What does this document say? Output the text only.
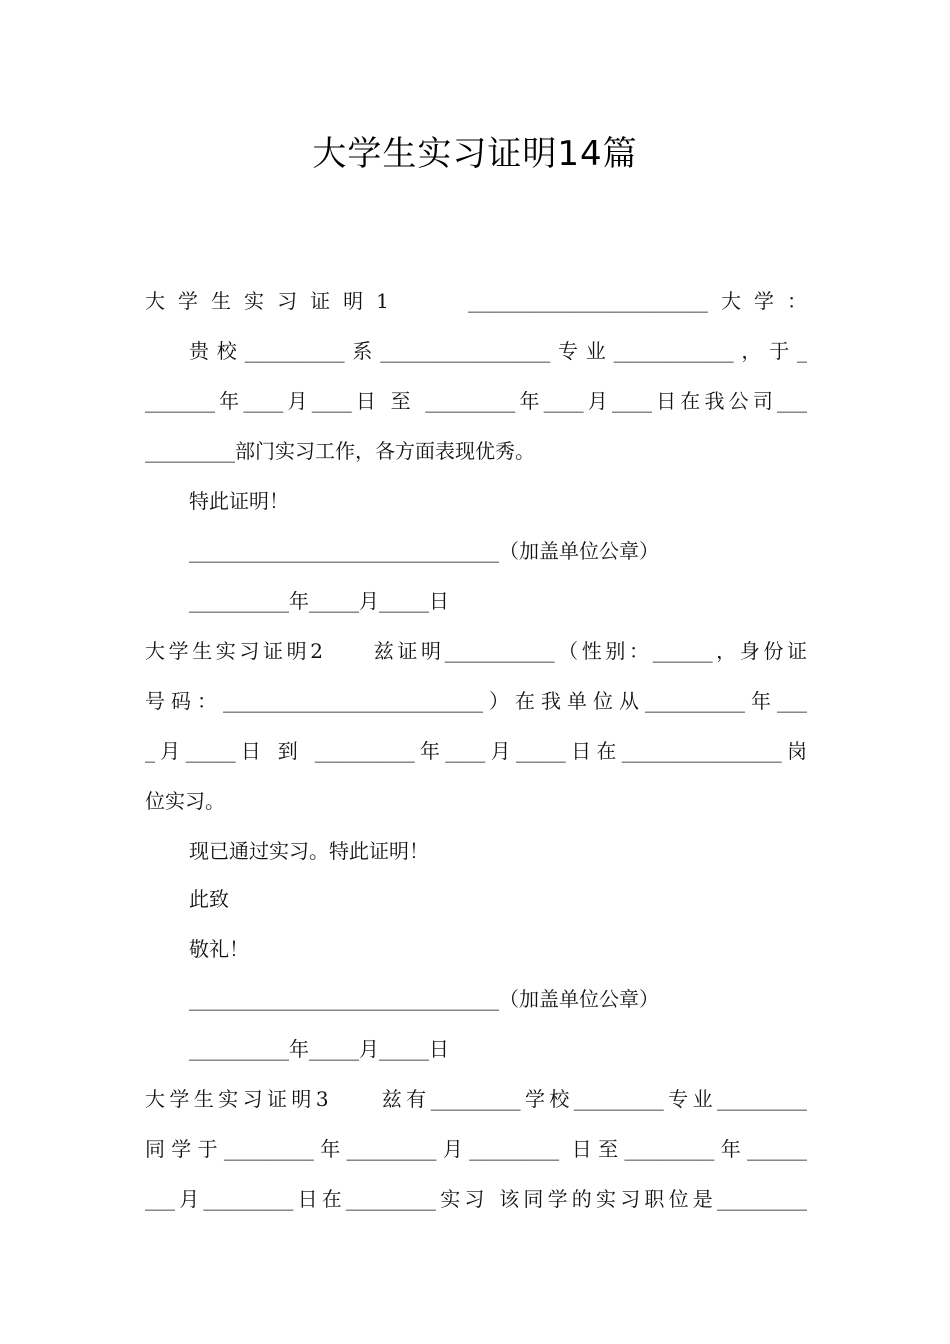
大学生实习证明14篇
大学生实习证明1　　________________________大学：
贵校__________系_________________专业____________，于_
_______年____月____日 至 _________年____月____日在我公司___
_________部门实习工作，各方面表现优秀。
特此证明！
_______________________________（加盖单位公章）
__________年_____月_____日
大学生实习证明2　　兹证明___________（性别：______，身份证
号码：__________________________）在我单位从__________年___
_月_____日 到 __________年____月_____日在________________岗
位实习。
现已通过实习。特此证明！
此致
敬礼！
_______________________________（加盖单位公章）
__________年_____月_____日
大学生实习证明3　　兹有_________学校_________专业_________
同学于_________年_________月_________ 日至_________年______
___月_________日在_________实习 该同学的实习职位是_________
